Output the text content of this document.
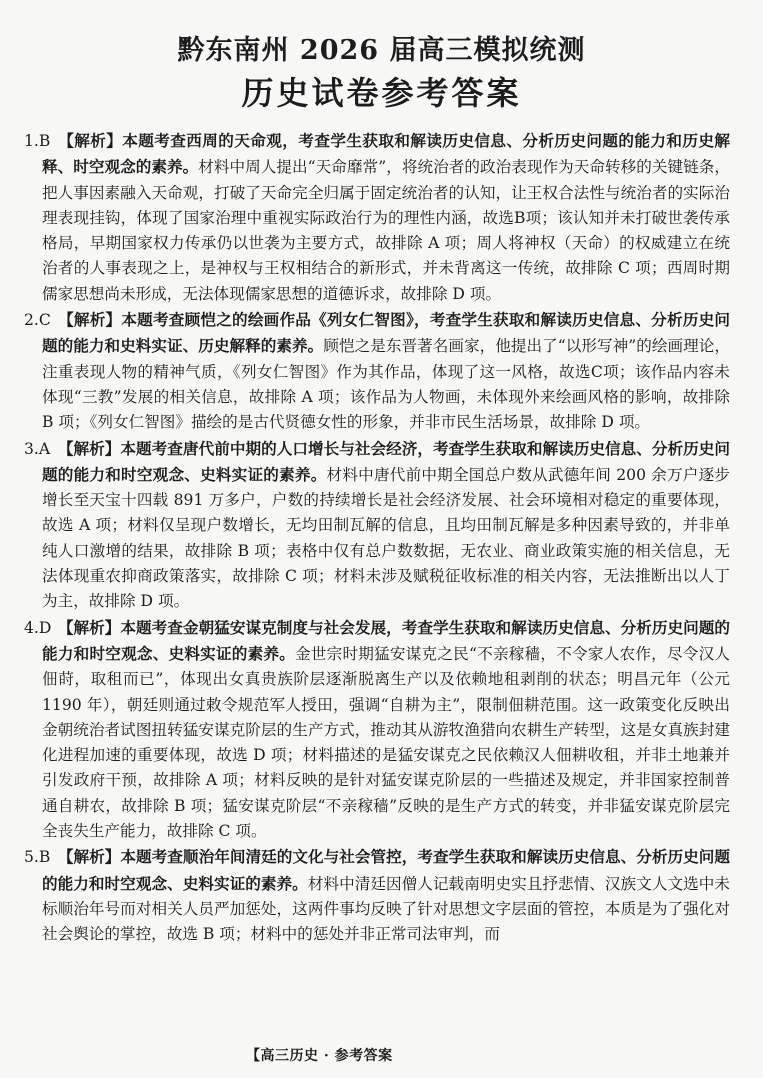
黔东南州 2026 届高三模拟统测
历史试卷参考答案

1.B 【解析】本题考查西周的天命观，考查学生获取和解读历史信息、分析历史问题的能力和历史解释、时空观念的素养。材料中周人提出“天命靡常”，将统治者的政治表现作为天命转移的关键链条，把人事因素融入天命观，打破了天命完全归属于固定统治者的认知，让王权合法性与统治者的实际治理表现挂钩，体现了国家治理中重视实际政治行为的理性内涵，故选B项；该认知并未打破世袭传承格局，早期国家权力传承仍以世袭为主要方式，故排除 A 项；周人将神权（天命）的权威建立在统治者的人事表现之上，是神权与王权相结合的新形式，并未背离这一传统，故排除 C 项；西周时期儒家思想尚未形成，无法体现儒家思想的道德诉求，故排除 D 项。

2.C 【解析】本题考查顾恺之的绘画作品《列女仁智图》，考查学生获取和解读历史信息、分析历史问题的能力和史料实证、历史解释的素养。顾恺之是东晋著名画家，他提出了“以形写神”的绘画理论，注重表现人物的精神气质，《列女仁智图》作为其作品，体现了这一风格，故选C项；该作品内容未体现“三教”发展的相关信息，故排除 A 项；该作品为人物画，未体现外来绘画风格的影响，故排除 B 项；《列女仁智图》描绘的是古代贤德女性的形象，并非市民生活场景，故排除 D 项。

3.A 【解析】本题考查唐代前中期的人口增长与社会经济，考查学生获取和解读历史信息、分析历史问题的能力和时空观念、史料实证的素养。材料中唐代前中期全国总户数从武德年间 200 余万户逐步增长至天宝十四载 891 万多户，户数的持续增长是社会经济发展、社会环境相对稳定的重要体现，故选 A 项；材料仅呈现户数增长，无均田制瓦解的信息，且均田制瓦解是多种因素导致的，并非单纯人口激增的结果，故排除 B 项；表格中仅有总户数数据，无农业、商业政策实施的相关信息，无法体现重农抑商政策落实，故排除 C 项；材料未涉及赋税征收标准的相关内容，无法推断出以人丁为主，故排除 D 项。

4.D 【解析】本题考查金朝猛安谋克制度与社会发展，考查学生获取和解读历史信息、分析历史问题的能力和时空观念、史料实证的素养。金世宗时期猛安谋克之民“不亲稼穑，不令家人农作，尽令汉人佃莳，取租而已”，体现出女真贵族阶层逐渐脱离生产以及依赖地租剥削的状态；明昌元年（公元 1190 年），朝廷则通过敕令规范军人授田，强调“自耕为主”，限制佃耕范围。这一政策变化反映出金朝统治者试图扭转猛安谋克阶层的生产方式，推动其从游牧渔猎向农耕生产转型，这是女真族封建化进程加速的重要体现，故选 D 项；材料描述的是猛安谋克之民依赖汉人佃耕收租，并非土地兼并引发政府干预，故排除 A 项；材料反映的是针对猛安谋克阶层的一些描述及规定，并非国家控制普通自耕农，故排除 B 项；猛安谋克阶层“不亲稼穑”反映的是生产方式的转变，并非猛安谋克阶层完全丧失生产能力，故排除 C 项。

5.B 【解析】本题考查顺治年间清廷的文化与社会管控，考查学生获取和解读历史信息、分析历史问题的能力和时空观念、史料实证的素养。材料中清廷因僧人记载南明史实且抒悲情、汉族文人文选中未标顺治年号而对相关人员严加惩处，这两件事均反映了针对思想文字层面的管控，本质是为了强化对社会舆论的掌控，故选 B 项；材料中的惩处并非正常司法审判，而

【高三历史 · 参考答案
